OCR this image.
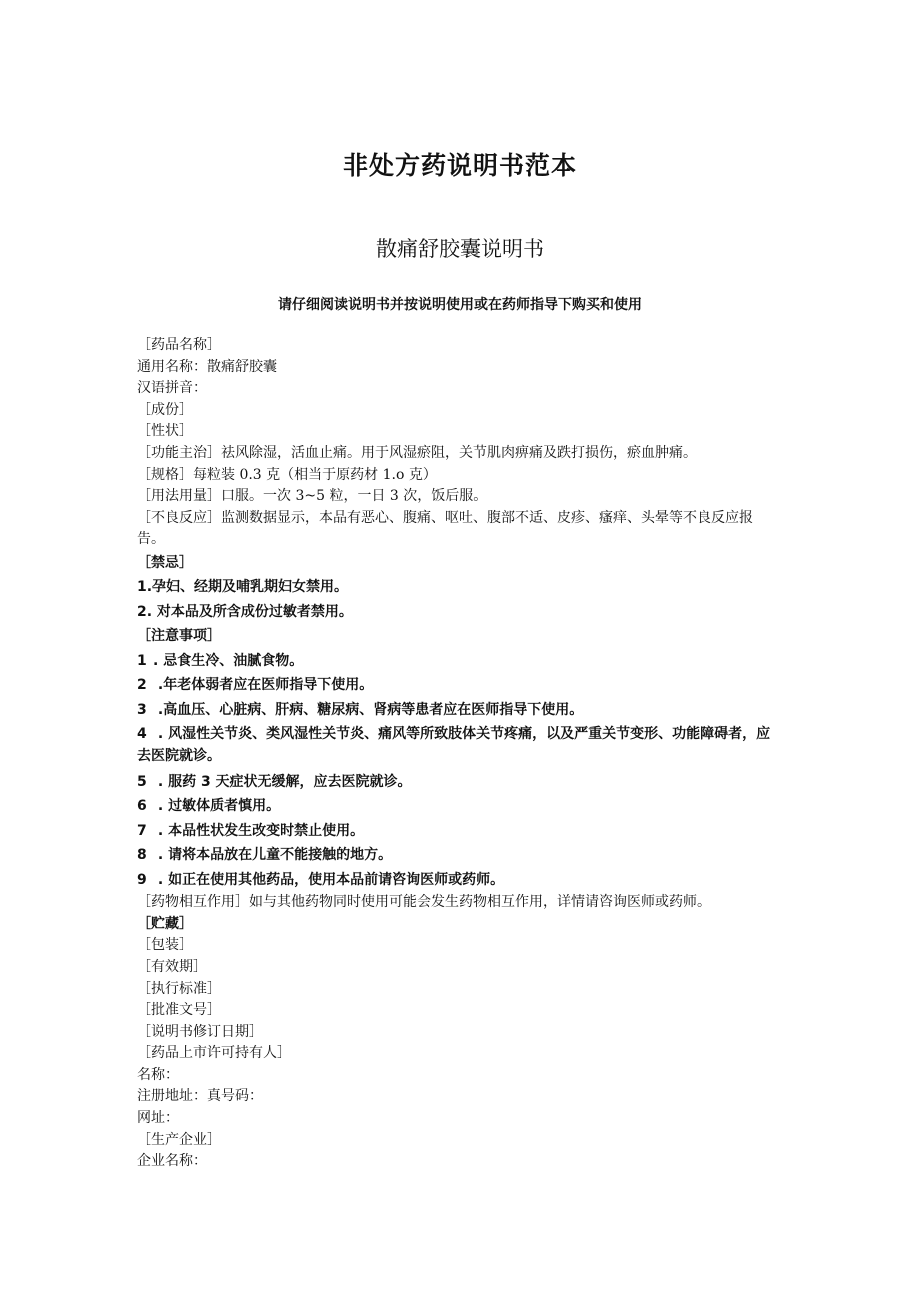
非处方药说明书范本
散痛舒胶囊说明书
请仔细阅读说明书并按说明使用或在药师指导下购买和使用
［药品名称］
通用名称：散痛舒胶囊
汉语拼音：
［成份］
［性状］
［功能主治］祛风除湿，活血止痛。用于风湿瘀阻，关节肌肉痹痛及跌打损伤，瘀血肿痛。
［规格］每粒装 0.3 克（相当于原药材 1.o 克）
［用法用量］口服。一次 3~5 粒，一日 3 次，饭后服。
［不良反应］监测数据显示，本品有恶心、腹痛、呕吐、腹部不适、皮疹、瘙痒、头晕等不良反应报告。
［禁忌］
1.孕妇、经期及哺乳期妇女禁用。
2. 对本品及所含成份过敏者禁用。
［注意事项］
1 . 忌食生冷、油腻食物。
2 .年老体弱者应在医师指导下使用。
3 .高血压、心脏病、肝病、糖尿病、肾病等患者应在医师指导下使用。
4 . 风湿性关节炎、类风湿性关节炎、痛风等所致肢体关节疼痛，以及严重关节变形、功能障碍者，应去医院就诊。
5 . 服药 3 天症状无缓解，应去医院就诊。
6 . 过敏体质者慎用。
7 . 本品性状发生改变时禁止使用。
8 . 请将本品放在儿童不能接触的地方。
9 . 如正在使用其他药品，使用本品前请咨询医师或药师。
［药物相互作用］如与其他药物同时使用可能会发生药物相互作用，详情请咨询医师或药师。
［贮藏］
［包装］
［有效期］
［执行标准］
［批准文号］
［说明书修订日期］
［药品上市许可持有人］
名称：
注册地址：真号码：
网址：
［生产企业］
企业名称：
